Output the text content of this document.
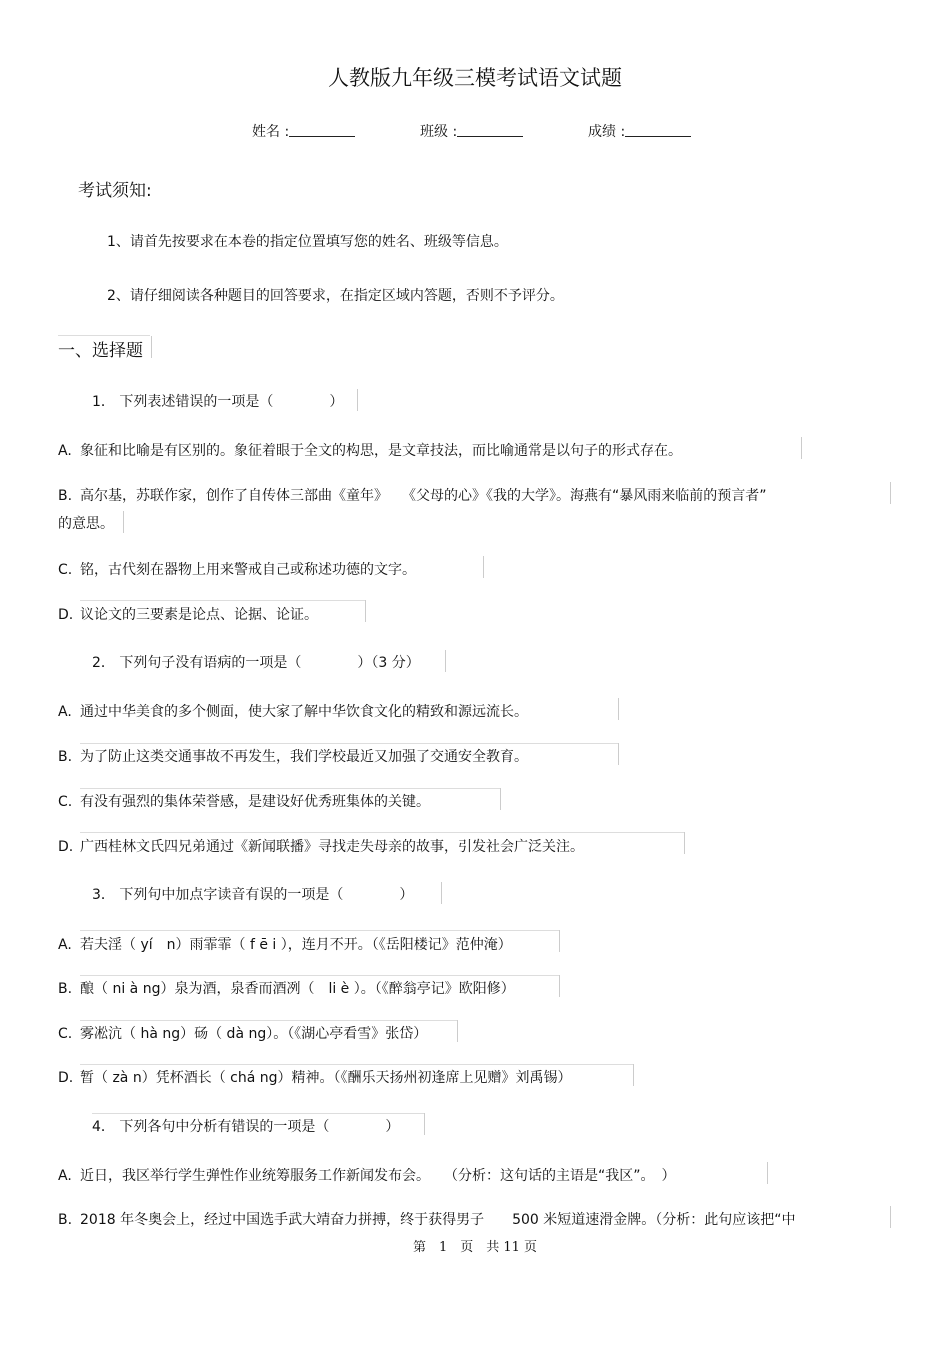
人教版九年级三模考试语文试题
姓名 :	班级 :	成绩 :
考试须知:
1、请首先按要求在本卷的指定位置填写您的姓名、班级等信息。
2、请仔细阅读各种题目的回答要求，在指定区域内答题，否则不予评分。
一、选择题
1． 下列表述错误的一项是（　　　　）
A. 象征和比喻是有区别的。象征着眼于全文的构思，是文章技法，而比喻通常是以句子的形式存在。
B. 高尔基，苏联作家，创作了自传体三部曲《童年》　　《父母的心》《我的大学》。海燕有“暴风雨来临前的预言者”
的意思。
C. 铭，古代刻在器物上用来警戒自己或称述功德的文字。
D. 议论文的三要素是论点、论据、论证。
2． 下列句子没有语病的一项是（　　　　）（3 分）
A. 通过中华美食的多个侧面，使大家了解中华饮食文化的精致和源远流长。
B. 为了防止这类交通事故不再发生，我们学校最近又加强了交通安全教育。
C. 有没有强烈的集体荣誉感，是建设好优秀班集体的关键。
D. 广西桂林文氏四兄弟通过《新闻联播》寻找走失母亲的故事，引发社会广泛关注。
3． 下列句中加点字读音有误的一项是（　　　　）
A. 若夫淫（ yí　n）雨霏霏（ f ē i ），连月不开。（《岳阳楼记》范仲淹）
B. 酿（ ni à ng）泉为酒，泉香而酒冽（　li è ）。（《醉翁亭记》欧阳修）
C. 雾凇沆（ hà ng）砀（ dà ng）。（《湖心亭看雪》张岱）
D. 暂（ zà n）凭杯酒长（ chá ng）精神。（《酬乐天扬州初逢席上见赠》刘禹锡）
4． 下列各句中分析有错误的一项是（　　　　）
A. 近日，我区举行学生弹性作业统筹服务工作新闻发布会。　　（分析：这句话的主语是“我区”。　）
B. 2018 年冬奥会上，经过中国选手武大靖奋力拼搏，终于获得男子　　500 米短道速滑金牌。（分析：此句应该把“中
第　1　页　共 11 页
